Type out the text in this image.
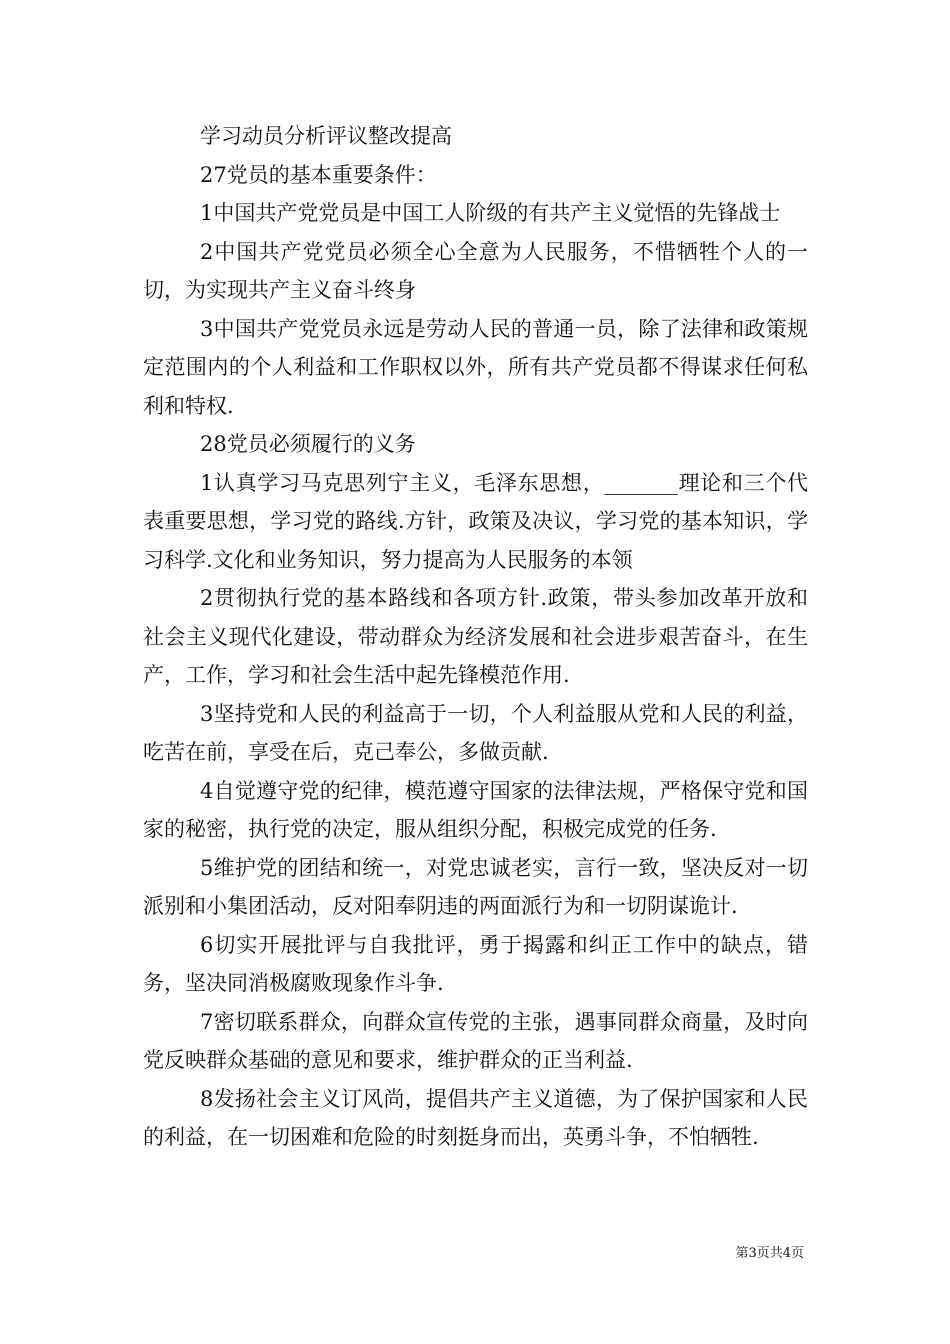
学习动员分析评议整改提高

27党员的基本重要条件：

1中国共产党党员是中国工人阶级的有共产主义觉悟的先锋战士

2中国共产党党员必须全心全意为人民服务，不惜牺牲个人的一切，为实现共产主义奋斗终身

3中国共产党党员永远是劳动人民的普通一员，除了法律和政策规定范围内的个人利益和工作职权以外，所有共产党员都不得谋求任何私利和特权.

28党员必须履行的义务

1认真学习马克思列宁主义，毛泽东思想，_______理论和三个代表重要思想，学习党的路线.方针，政策及决议，学习党的基本知识，学习科学.文化和业务知识，努力提高为人民服务的本领

2贯彻执行党的基本路线和各项方针.政策，带头参加改革开放和社会主义现代化建设，带动群众为经济发展和社会进步艰苦奋斗，在生产，工作，学习和社会生活中起先锋模范作用.

3坚持党和人民的利益高于一切，个人利益服从党和人民的利益，吃苦在前，享受在后，克己奉公，多做贡献.

4自觉遵守党的纪律，模范遵守国家的法律法规，严格保守党和国家的秘密，执行党的决定，服从组织分配，积极完成党的任务.

5维护党的团结和统一，对党忠诚老实，言行一致，坚决反对一切派别和小集团活动，反对阳奉阴违的两面派行为和一切阴谋诡计.

6切实开展批评与自我批评，勇于揭露和纠正工作中的缺点，错务，坚决同消极腐败现象作斗争.

7密切联系群众，向群众宣传党的主张，遇事同群众商量，及时向党反映群众基础的意见和要求，维护群众的正当利益.

8发扬社会主义订风尚，提倡共产主义道德，为了保护国家和人民的利益，在一切困难和危险的时刻挺身而出，英勇斗争，不怕牺牲.

第3页共4页
